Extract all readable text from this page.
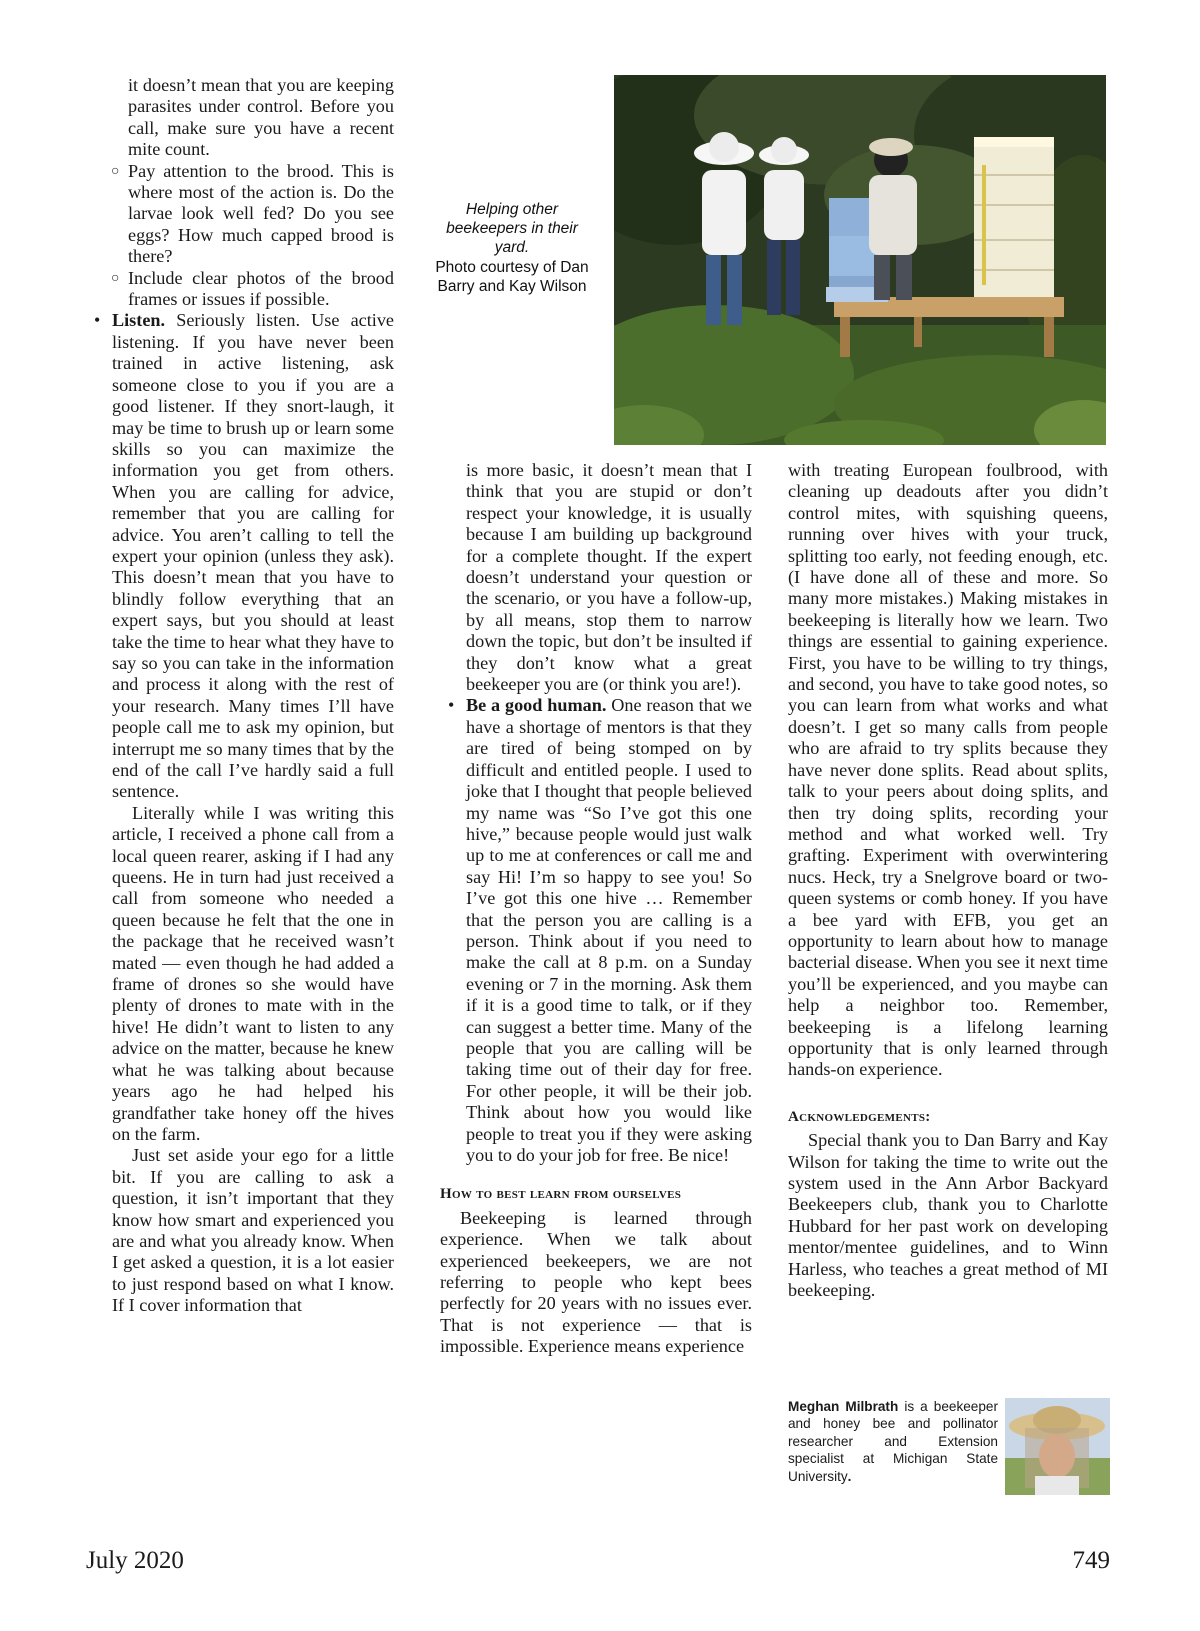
it doesn’t mean that you are keeping parasites under control. Before you call, make sure you have a recent mite count.

○ Pay attention to the brood. This is where most of the action is. Do the larvae look well fed? Do you see eggs? How much capped brood is there?
○ Include clear photos of the brood frames or issues if possible.

• Listen. Seriously listen. Use active listening. If you have never been trained in active listening, ask someone close to you if you are a good listener. If they snort-laugh, it may be time to brush up or learn some skills so you can maximize the information you get from others. When you are calling for advice, remember that you are calling for advice. You aren’t calling to tell the expert your opinion (unless they ask). This doesn’t mean that you have to blindly follow everything that an expert says, but you should at least take the time to hear what they have to say so you can take in the information and process it along with the rest of your research. Many times I’ll have people call me to ask my opinion, but interrupt me so many times that by the end of the call I’ve hardly said a full sentence.

Literally while I was writing this article, I received a phone call from a local queen rearer, asking if I had any queens. He in turn had just received a call from someone who needed a queen because he felt that the one in the package that he received wasn’t mated — even though he had added a frame of drones so she would have plenty of drones to mate with in the hive! He didn’t want to listen to any advice on the matter, because he knew what he was talking about because years ago he had helped his grandfather take honey off the hives on the farm.

Just set aside your ego for a little bit. If you are calling to ask a question, it isn’t important that they know how smart and experienced you are and what you already know. When I get asked a question, it is a lot easier to just respond based on what I know. If I cover information that

Helping other beekeepers in their yard.
Photo courtesy of Dan Barry and Kay Wilson

is more basic, it doesn’t mean that I think that you are stupid or don’t respect your knowledge, it is usually because I am building up background for a complete thought. If the expert doesn’t understand your question or the scenario, or you have a follow-up, by all means, stop them to narrow down the topic, but don’t be insulted if they don’t know what a great beekeeper you are (or think you are!).

• Be a good human. One reason that we have a shortage of mentors is that they are tired of being stomped on by difficult and entitled people. I used to joke that I thought that people believed my name was “So I’ve got this one hive,” because people would just walk up to me at conferences or call me and say Hi! I’m so happy to see you! So I’ve got this one hive … Remember that the person you are calling is a person. Think about if you need to make the call at 8 p.m. on a Sunday evening or 7 in the morning. Ask them if it is a good time to talk, or if they can suggest a better time. Many of the people that you are calling will be taking time out of their day for free. For other people, it will be their job. Think about how you would like people to treat you if they were asking you to do your job for free. Be nice!

How to best learn from ourselves

Beekeeping is learned through experience. When we talk about experienced beekeepers, we are not referring to people who kept bees perfectly for 20 years with no issues ever. That is not experience — that is impossible. Experience means experience

with treating European foulbrood, with cleaning up deadouts after you didn’t control mites, with squishing queens, running over hives with your truck, splitting too early, not feeding enough, etc. (I have done all of these and more. So many more mistakes.) Making mistakes in beekeeping is literally how we learn. Two things are essential to gaining experience. First, you have to be willing to try things, and second, you have to take good notes, so you can learn from what works and what doesn’t. I get so many calls from people who are afraid to try splits because they have never done splits. Read about splits, talk to your peers about doing splits, and then try doing splits, recording your method and what worked well. Try grafting. Experiment with overwintering nucs. Heck, try a Snelgrove board or two-queen systems or comb honey. If you have a bee yard with EFB, you get an opportunity to learn about how to manage bacterial disease. When you see it next time you’ll be experienced, and you maybe can help a neighbor too. Remember, beekeeping is a lifelong learning opportunity that is only learned through hands-on experience.

Acknowledgements:

Special thank you to Dan Barry and Kay Wilson for taking the time to write out the system used in the Ann Arbor Backyard Beekeepers club, thank you to Charlotte Hubbard for her past work on developing mentor/mentee guidelines, and to Winn Harless, who teaches a great method of MI beekeeping.

Meghan Milbrath is a beekeeper and honey bee and pollinator researcher and Extension specialist at Michigan State University.
July 2020	749
